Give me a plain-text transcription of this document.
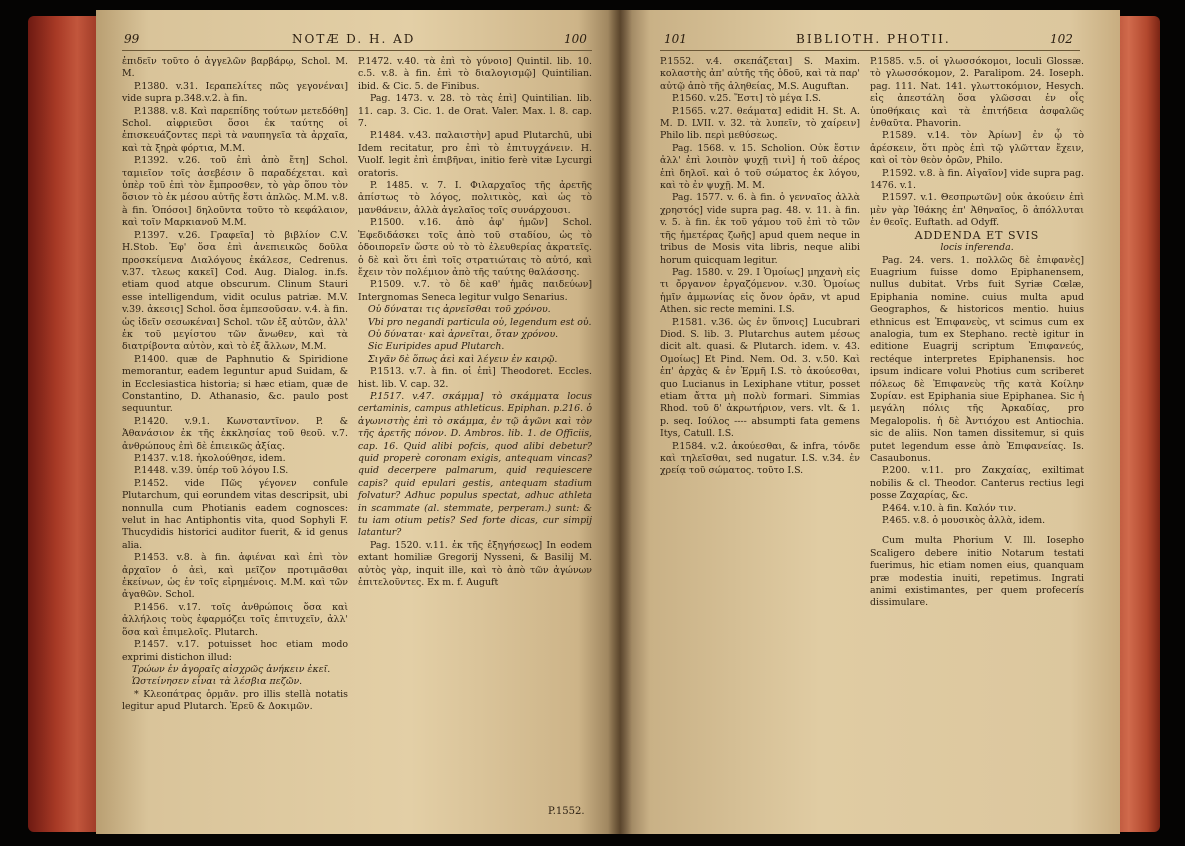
99	NOTÆ D. H. AD	100

ἐπιδεῖν τοῦτο ὁ ἀγγελῶν βαρβάρῳ, Schol. M. M.

P.1380. v.31. Ιεραπελίτες πῶς γεγονέναι] vide supra p.348.v.2. à fin.

P.1388. v.8. Καὶ παρεπίδης τούτων μετεδόθη] Schol. αἰφριεῦσι ὅσοι ἐκ ταύτης οἱ ἐπισκευάζοντες περὶ τὰ ναυπηγεῖα τὰ ἀρχαῖα, καὶ τὰ ξηρὰ φόρτια, M.M.

P.1392. v.26. τοῦ ἐπὶ ἀπὸ ἔτη] Schol. ταμιεῖον τοῖς ἀσεβέσιν ὃ παραδέχεται. καὶ ὑπὲρ τοῦ ἐπὶ τὸν ἔμπροσθεν, τὸ γὰρ ὅπου τὸν ὅσιον τὸ ἐκ μέσου αὐτῆς ἔστι ἀπλῶς. M.M. v.8. à fin. Ὁπόσοι] δηλοῦντα τοῦτο τὸ κεφάλαιον, καὶ τοῖν Μαρκιανοῦ M.M.

P.1397. v.26. Γραφεῖα] τὸ βιβλίον C.V. H.Stob. Ἐφ' ὅσα ἐπὶ ἀνεπιεικῶς δοῦλα προσκείμενα Διαλόγους ἐκάλεσε, Cedrenus. v.37. τλεως κακεῖ] Cod. Aug. Dialog. in.fs. etiam quod atque obscurum. Clinum Stauri esse intelligendum, vidit oculus patriæ. M.V. v.39. ἀκεσις] Schol. ὅσα ἐμπεσοῦσαν. v.4. à fin. ὡς ἰδεῖν σεσωκέναι] Schol. τῶν ἐξ αὐτῶν, ἀλλ' ἐκ τοῦ μεγίστου τῶν ἄνωθεν, καὶ τὰ διατρίβοντα αὐτὸν, καὶ τὸ ἐξ ἄλλων, M.M.

P.1400. quæ de Paphnutio & Spiridione memorantur, eadem leguntur apud Suidam, & in Ecclesiastica historia; si hæc etiam, quæ de Constantino, D. Athanasio, &c. paulo post sequuntur.

P.1420. v.9.1. Κωνσταντῖνον. P. & Ἀθανάσιον ἐκ τῆς ἐκκλησίας τοῦ θεοῦ. v.7. ἀνθρώπους ἐπὶ δὲ ἐπιεικῶς ἀξίας.

P.1437. v.18. ἠκολούθησε, idem.

P.1448. v.39. ὑπέρ τοῦ λόγου I.S.

P.1452. vide Πῶς γέγονεν confule Plutarchum, qui eorundem vitas descripsit, ubi nonnulla cum Photianis eadem cognosces: velut in hac Antiphontis vita, quod Sophyli F. Thucydidis historici auditor fuerit, & id genus alia.

P.1453. v.8. à fin. ἀφιέναι καὶ ἐπὶ τὸν ἀρχαῖον ὁ ἀεὶ, καὶ μεῖζον προτιμᾶσθαι ἐκείνων, ὡς ἐν τοῖς εἰρημένοις. M.M. καὶ τῶν ἀγαθῶν. Schol.

P.1456. v.17. τοῖς ἀνθρώποις ὅσα καὶ ἀλλήλοις τοὺς ἐφαρμόζει τοῖς ἐπιτυχεῖν, ἀλλ' ὅσα καὶ ἐπιμελοῖς. Plutarch.

P.1457. v.17. potuisset hoc etiam modo exprimi distichon illud:

Τρώων ἐν ἀγοραῖς αἰσχρῶς ἀνήκειν ἐκεῖ.

Ὡστείνησεν εἶναι τὰ λέσβια πεζῶν.

* Κλεοπάτρας ὁρμᾶν. pro illis stellà notatis legitur apud Plutarch. Ἐρεῦ & Δοκιμῶν.

P.1472. v.40. τὰ ἐπὶ τὸ γύνοιο] Quintil. lib. 10. c.5. v.8. à fin. ἐπὶ τὸ διαλογισμῷ] Quintilian. ibid. & Cic. 5. de Finibus.

Pag. 1473. v. 28. τὸ τὰς ἐπὶ] Quintilian. lib. 11. cap. 3. Cic. 1. de Orat. Valer. Max. l. 8. cap. 7.

P.1484. v.43. παλαιστὴν] apud Plutarchū, ubi Idem recitatur, pro ἐπὶ τὸ ἐπιτυγχάνειν. H. Vuolf. legit ἐπὶ ἐπιβῆναι, initio ferè vitæ Lycurgi oratoris.

P. 1485. v. 7. I. Φιλαρχαῖος τῆς ἀρετῆς ἀπίστως τὸ λόγος, πολιτικὸς, καὶ ὡς τὸ μανθάνειν, ἀλλὰ ἀγελαῖος τοῖς συνάρχουσι.

P.1500. v.16. ἀπὸ ἀφ' ἡμῶν] Schol. Ἐφεδιδάσκει τοῖς ἀπὸ τοῦ σταδίου, ὡς τὸ ὁδοιπορεῖν ὥστε οὐ τὸ τὸ ἐλευθερίας ἀκρατεῖς. ὁ δὲ καὶ ὅτι ἐπὶ τοῖς στρατιώταις τὸ αὐτό, καὶ ἔχειν τὸν πολέμιον ἀπὸ τῆς ταύτης θαλάσσης.

P.1509. v.7. τὸ δὲ καθ' ἡμᾶς παιδεύων] Intergnomas Seneca legitur vulgo Senarius.

Οὐ δύναται τις ἀρνεῖσθαι τοῦ χρόνου.

Vbi pro negandi particula οὐ, legendum est οὐ.

Οὐ δύναται· καὶ ἀρνεῖται, ὅταν χρόνου.

Sic Euripides apud Plutarch.

Σιγᾶν δὲ ὅπως ἀεὶ καὶ λέγειν ἐν καιρῷ.

P.1513. v.7. à fin. οἱ ἐπὶ] Theodoret. Eccles. hist. lib. V. cap. 32.

P.1517. v.47. σκάμμα] τὸ σκάμματα locus certaminis, campus athleticus. Epiphan. p.216. ὁ ἀγωνιστὴς ἐπὶ τὸ σκάμμα, ἐν τῷ ἀγῶνι καὶ τὸν τῆς ἀρετῆς πόνον. D. Ambros. lib. 1. de Officiis, cap. 16. Quid alibi pofcis, quod alibi debetur? quid properè coronam exigis, antequam vincas? quid decerpere palmarum, quid requiescere capis? quid epulari gestis, antequam stadium folvatur? Adhuc populus spectat, adhuc athleta in scammate (al. stemmate, perperam.) sunt: & tu iam otium petis? Sed forte dicas, cur simpij latantur?

Pag. 1520. v.11. ἐκ τῆς ἐξηγήσεως] In eodem extant homiliæ Gregorij Nysseni, & Basilij M. αὐτὸς γὰρ, inquit ille, καὶ τὸ ἀπὸ τῶν ἀγώνων ἐπιτελοῦντες. Ex m. f. Auguft

P.1552.
101	BIBLIOTH. PHOTII.	102

P.1552. v.4. σκεπάζεται] S. Maxim. κολαστὴς ἀπ' αὐτῆς τῆς ὁδοῦ, καὶ τὰ παρ' αὐτῷ ἀπὸ τῆς ἀληθείας, M.S. Auguftan.

P.1560. v.25. Ἔστι] τὸ μέγα I.S.

P.1565. v.27. θεάματα] edidit H. St. A. M. D. LVII. v. 32. τὰ λυπεῖν, τὸ χαίρειν] Philo lib. περὶ μεθύσεως.

Pag. 1568. v. 15. Scholion. Οὐκ ἔστιν ἀλλ' ἐπὶ λοιπὸν ψυχῇ τινὶ] ἡ τοῦ ἀέρος ἐπὶ δηλοῖ. καὶ ὁ τοῦ σώματος ἐκ λόγου, καὶ τὸ ἐν ψυχῇ. M. M.

Pag. 1577. v. 6. à fin. ὁ γενναῖος ἀλλὰ χρηστός] vide supra pag. 48. v. 11. à fin. v. 5. à fin. ἐκ τοῦ γάμου τοῦ ἐπὶ τὸ τῶν τῆς ἡμετέρας ζωῆς] apud quem neque in tribus de Mosis vita libris, neque alibi horum quicquam legitur.

Pag. 1580. v. 29. I Ὁμοίως] μηχανὴ εἰς τι ὄργανον ἐργαζόμενον. v.30. Ὁμοίως ἡμῖν ἀμμωνίας εἰς ὄνον ὁρᾶν, vt apud Athen. sic recte memini. I.S.

P.1581. v.36. ὡς ἐν ὕπνοις] Lucubrari Diod. S. lib. 3. Plutarchus autem μέσως dicit alt. quasi. & Plutarch. idem. v. 43. Ομοίως] Et Pind. Nem. Od. 3. v.50. Καὶ ἐπ' ἀρχὰς & ἐν Ἑρμῆ I.S. τὸ ἀκούεσθαι, quo Lucianus in Lexiphane vtitur, posset etiam ἄττα μὴ πολὺ formari. Simmias Rhod. τοῦ δ' ἀκρωτήριον, vers. vlt. & 1. p. seq. Ιούλος ---- absumpti fata gemens Itys, Catull. I.S.

P.1584. v.2. ἀκούεσθαι, & infra, τόνδε καὶ τηλεῖσθαι, sed nugatur. I.S. v.34. ἐν χρείᾳ τοῦ σώματος. τοῦτο I.S.

P.1585. v.5. οἱ γλωσσόκομοι, loculi Glossæ. τὸ γλωσσόκομον, 2. Paralipom. 24. Ioseph. pag. 111. Nat. 141. γλωττοκόμιον, Hesych. εἰς ἀπεστάλη ὅσα γλῶσσαι ἐν οἷς ὑποθήκαις καὶ τὰ ἐπιτήδεια ἀσφαλῶς ἐνθαῦτα. Phavorin.

P.1589. v.14. τὸν Ἀρίων] ἐν ᾧ τὸ ἀρέσκειν, ὅτι πρὸς ἐπὶ τῷ γλῶτταν ἔχειν, καὶ οἱ τὸν θεὸν ὁρῶν, Philo.

P.1592. v.8. à fin. Αἰγαῖον] vide supra pag. 1476. v.1.

P.1597. v.1. Θεσπρωτῶν] οὐκ ἀκούειν ἐπὶ μὲν γὰρ Ἰθάκης ἐπ' Ἀθηναῖος, ὃ ἀπόλλυται ἐν θεοῖς. Euftath. ad Odyff.

ADDENDA ET SVIS

locis inferenda.

Pag. 24. vers. 1. πολλῶς δὲ ἐπιφανὲς] Euagrium fuisse domo Epiphanensem, nullus dubitat. Vrbs fuit Syriæ Cœlæ, Epiphania nomine. cuius multa apud Geographos, & historicos mentio. huius ethnicus est Ἐπιφανεὺς, vt scimus cum ex analogia, tum ex Stephano. rectè igitur in editione Euagrij scriptum Ἐπιφανεύς, rectéque interpretes Epiphanensis. hoc ipsum indicare volui Photius cum scriberet πόλεως δὲ Ἐπιφανεὺς τῆς κατὰ Κοίλην Συρίαν. est Epiphania siue Epiphanea. Sic ἡ μεγάλη πόλις τῆς Ἀρκαδίας, pro Megalopolis. ἡ δὲ Ἀντιόχου est Antiochia. sic de aliis. Non tamen dissitemur, si quis putet legendum esse ἀπὸ Ἐπιφανείας. Is. Casaubonus.

P.200. v.11. pro Ζακχαίας, exiltimat nobilis & cl. Theodor. Canterus rectius legi posse Ζαχαρίας, &c.

P.464. v.10. à fin. Καλόν τιν.

P.465. v.8. ὁ μουσικὸς ἀλλὰ, idem.

Cum multa Phorium V. Ill. Iosepho Scaligero debere initio Notarum testati fuerimus, hic etiam nomen eius, quanquam præ modestia inuiti, repetimus. Ingrati animi existimantes, per quem profecerís dissimulare.
